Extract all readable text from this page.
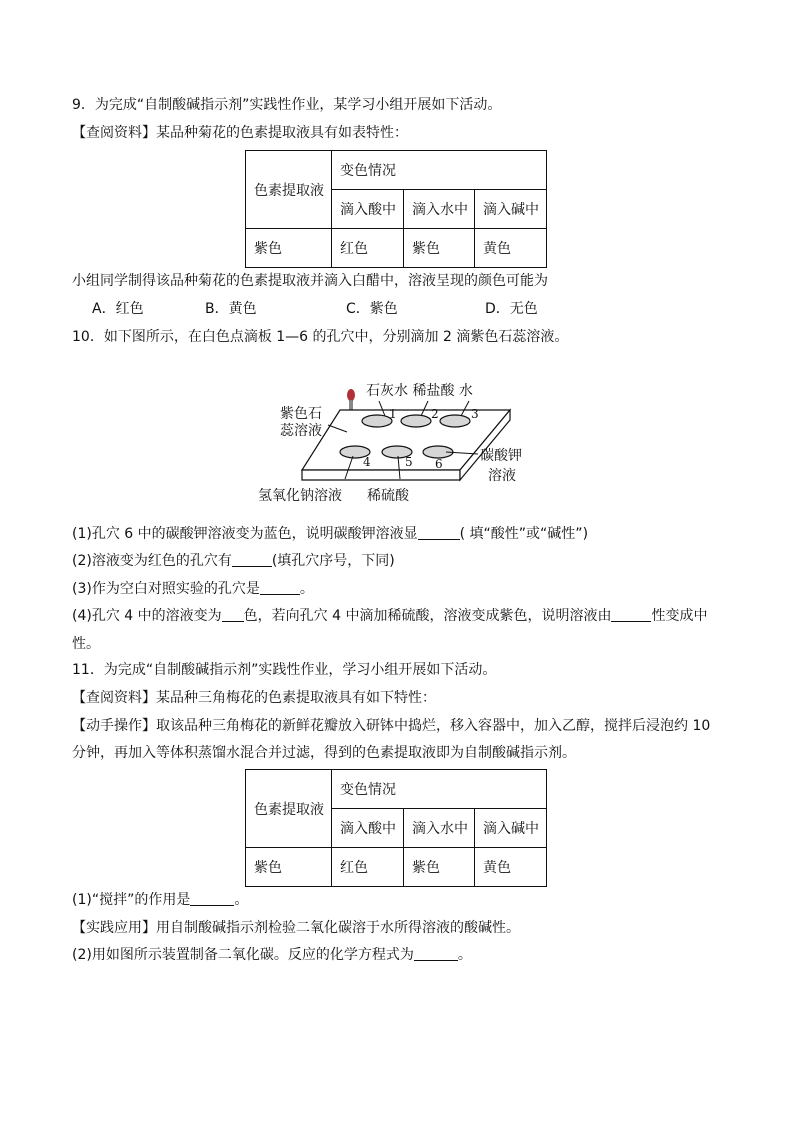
9．为完成“自制酸碱指示剂”实践性作业，某学习小组开展如下活动。
【查阅资料】某品种菊花的色素提取液具有如表特性：
色素提取液	变色情况		
	滴入酸中	滴入水中	滴入碱中
紫色	红色	紫色	黄色
小组同学制得该品种菊花的色素提取液并滴入白醋中，溶液呈现的颜色可能为
A．红色	B．黄色	C．紫色	D．无色
10．如下图所示，在白色点滴板 1—6 的孔穴中，分别滴加 2 滴紫色石蕊溶液。
石灰水 稀盐酸 水
紫色石
蕊溶液
碳酸钾
溶液
氢氧化钠溶液 稀硫酸
1	2	3
4	5 6
(1)孔穴 6 中的碳酸钾溶液变为蓝色，说明碳酸钾溶液显	( 填“酸性”或“碱性”)
(2)溶液变为红色的孔穴有	(填孔穴序号，下同)
(3)作为空白对照实验的孔穴是	。
(4)孔穴 4 中的溶液变为 色，若向孔穴 4 中滴加稀硫酸，溶液变成紫色，说明溶液由	性变成中
性。
11．为完成“自制酸碱指示剂”实践性作业，学习小组开展如下活动。
【查阅资料】某品种三角梅花的色素提取液具有如下特性：
【动手操作】取该品种三角梅花的新鲜花瓣放入研钵中捣烂，移入容器中，加入乙醇，搅拌后浸泡约 10
分钟，再加入等体积蒸馏水混合并过滤，得到的色素提取液即为自制酸碱指示剂。
色素提取液	变色情况		
	滴入酸中	滴入水中	滴入碱中
紫色	红色	紫色	黄色
(1)“搅拌”的作用是	。
【实践应用】用自制酸碱指示剂检验二氧化碳溶于水所得溶液的酸碱性。
(2)用如图所示装置制备二氧化碳。反应的化学方程式为	。
